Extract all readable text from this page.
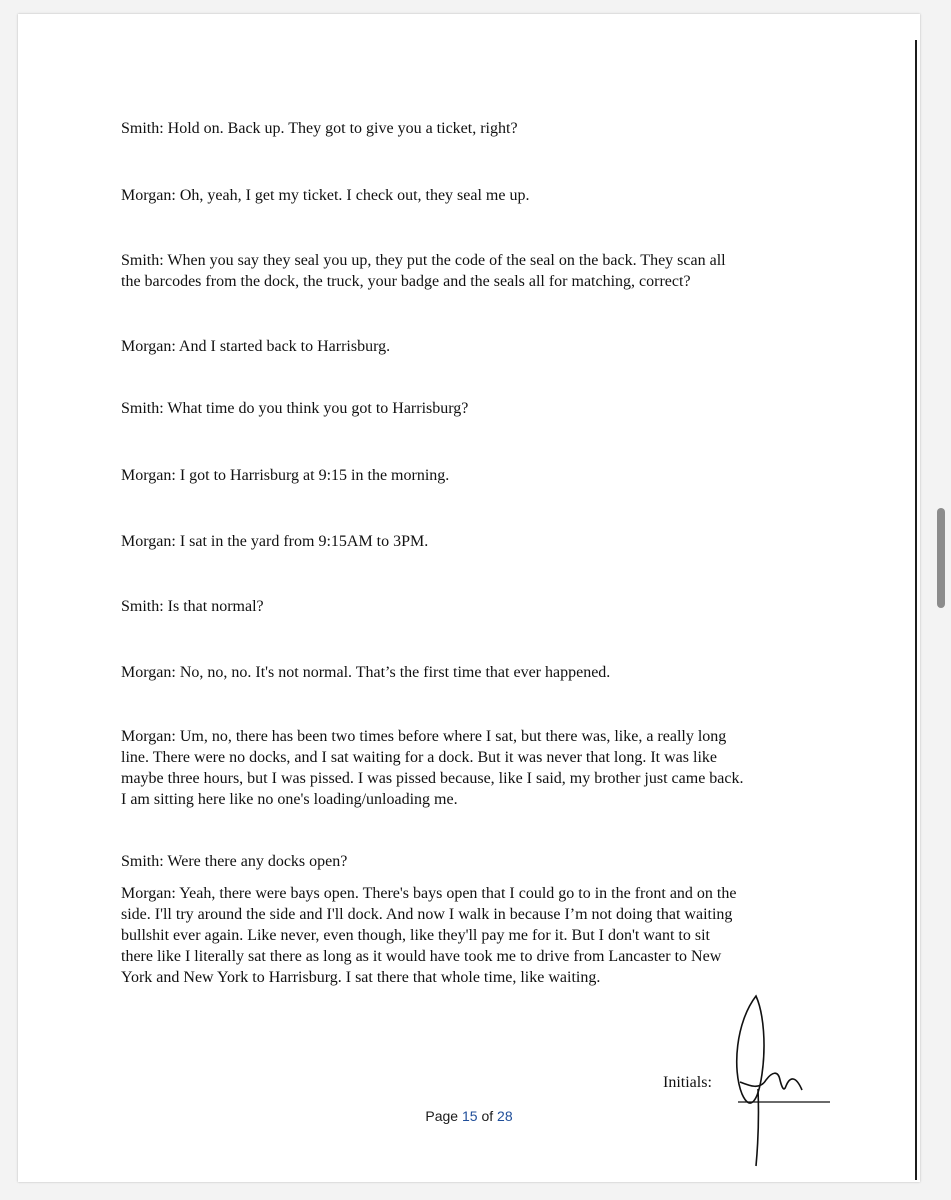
Smith: Hold on. Back up. They got to give you a ticket, right?
Morgan: Oh, yeah, I get my ticket. I check out, they seal me up.
Smith: When you say they seal you up, they put the code of the seal on the back. They scan all
the barcodes from the dock, the truck, your badge and the seals all for matching, correct?
Morgan: And I started back to Harrisburg.
Smith: What time do you think you got to Harrisburg?
Morgan: I got to Harrisburg at 9:15 in the morning.
Morgan: I sat in the yard from 9:15AM to 3PM.
Smith: Is that normal?
Morgan: No, no, no. It's not normal. That’s the first time that ever happened.
Morgan: Um, no, there has been two times before where I sat, but there was, like, a really long
line. There were no docks, and I sat waiting for a dock. But it was never that long. It was like
maybe three hours, but I was pissed. I was pissed because, like I said, my brother just came back.
I am sitting here like no one's loading/unloading me.
Smith: Were there any docks open?
Morgan: Yeah, there were bays open. There's bays open that I could go to in the front and on the
side. I'll try around the side and I'll dock. And now I walk in because I’m not doing that waiting
bullshit ever again. Like never, even though, like they'll pay me for it. But I don't want to sit
there like I literally sat there as long as it would have took me to drive from Lancaster to New
York and New York to Harrisburg. I sat there that whole time, like waiting.
Initials:
Page 15 of 28
